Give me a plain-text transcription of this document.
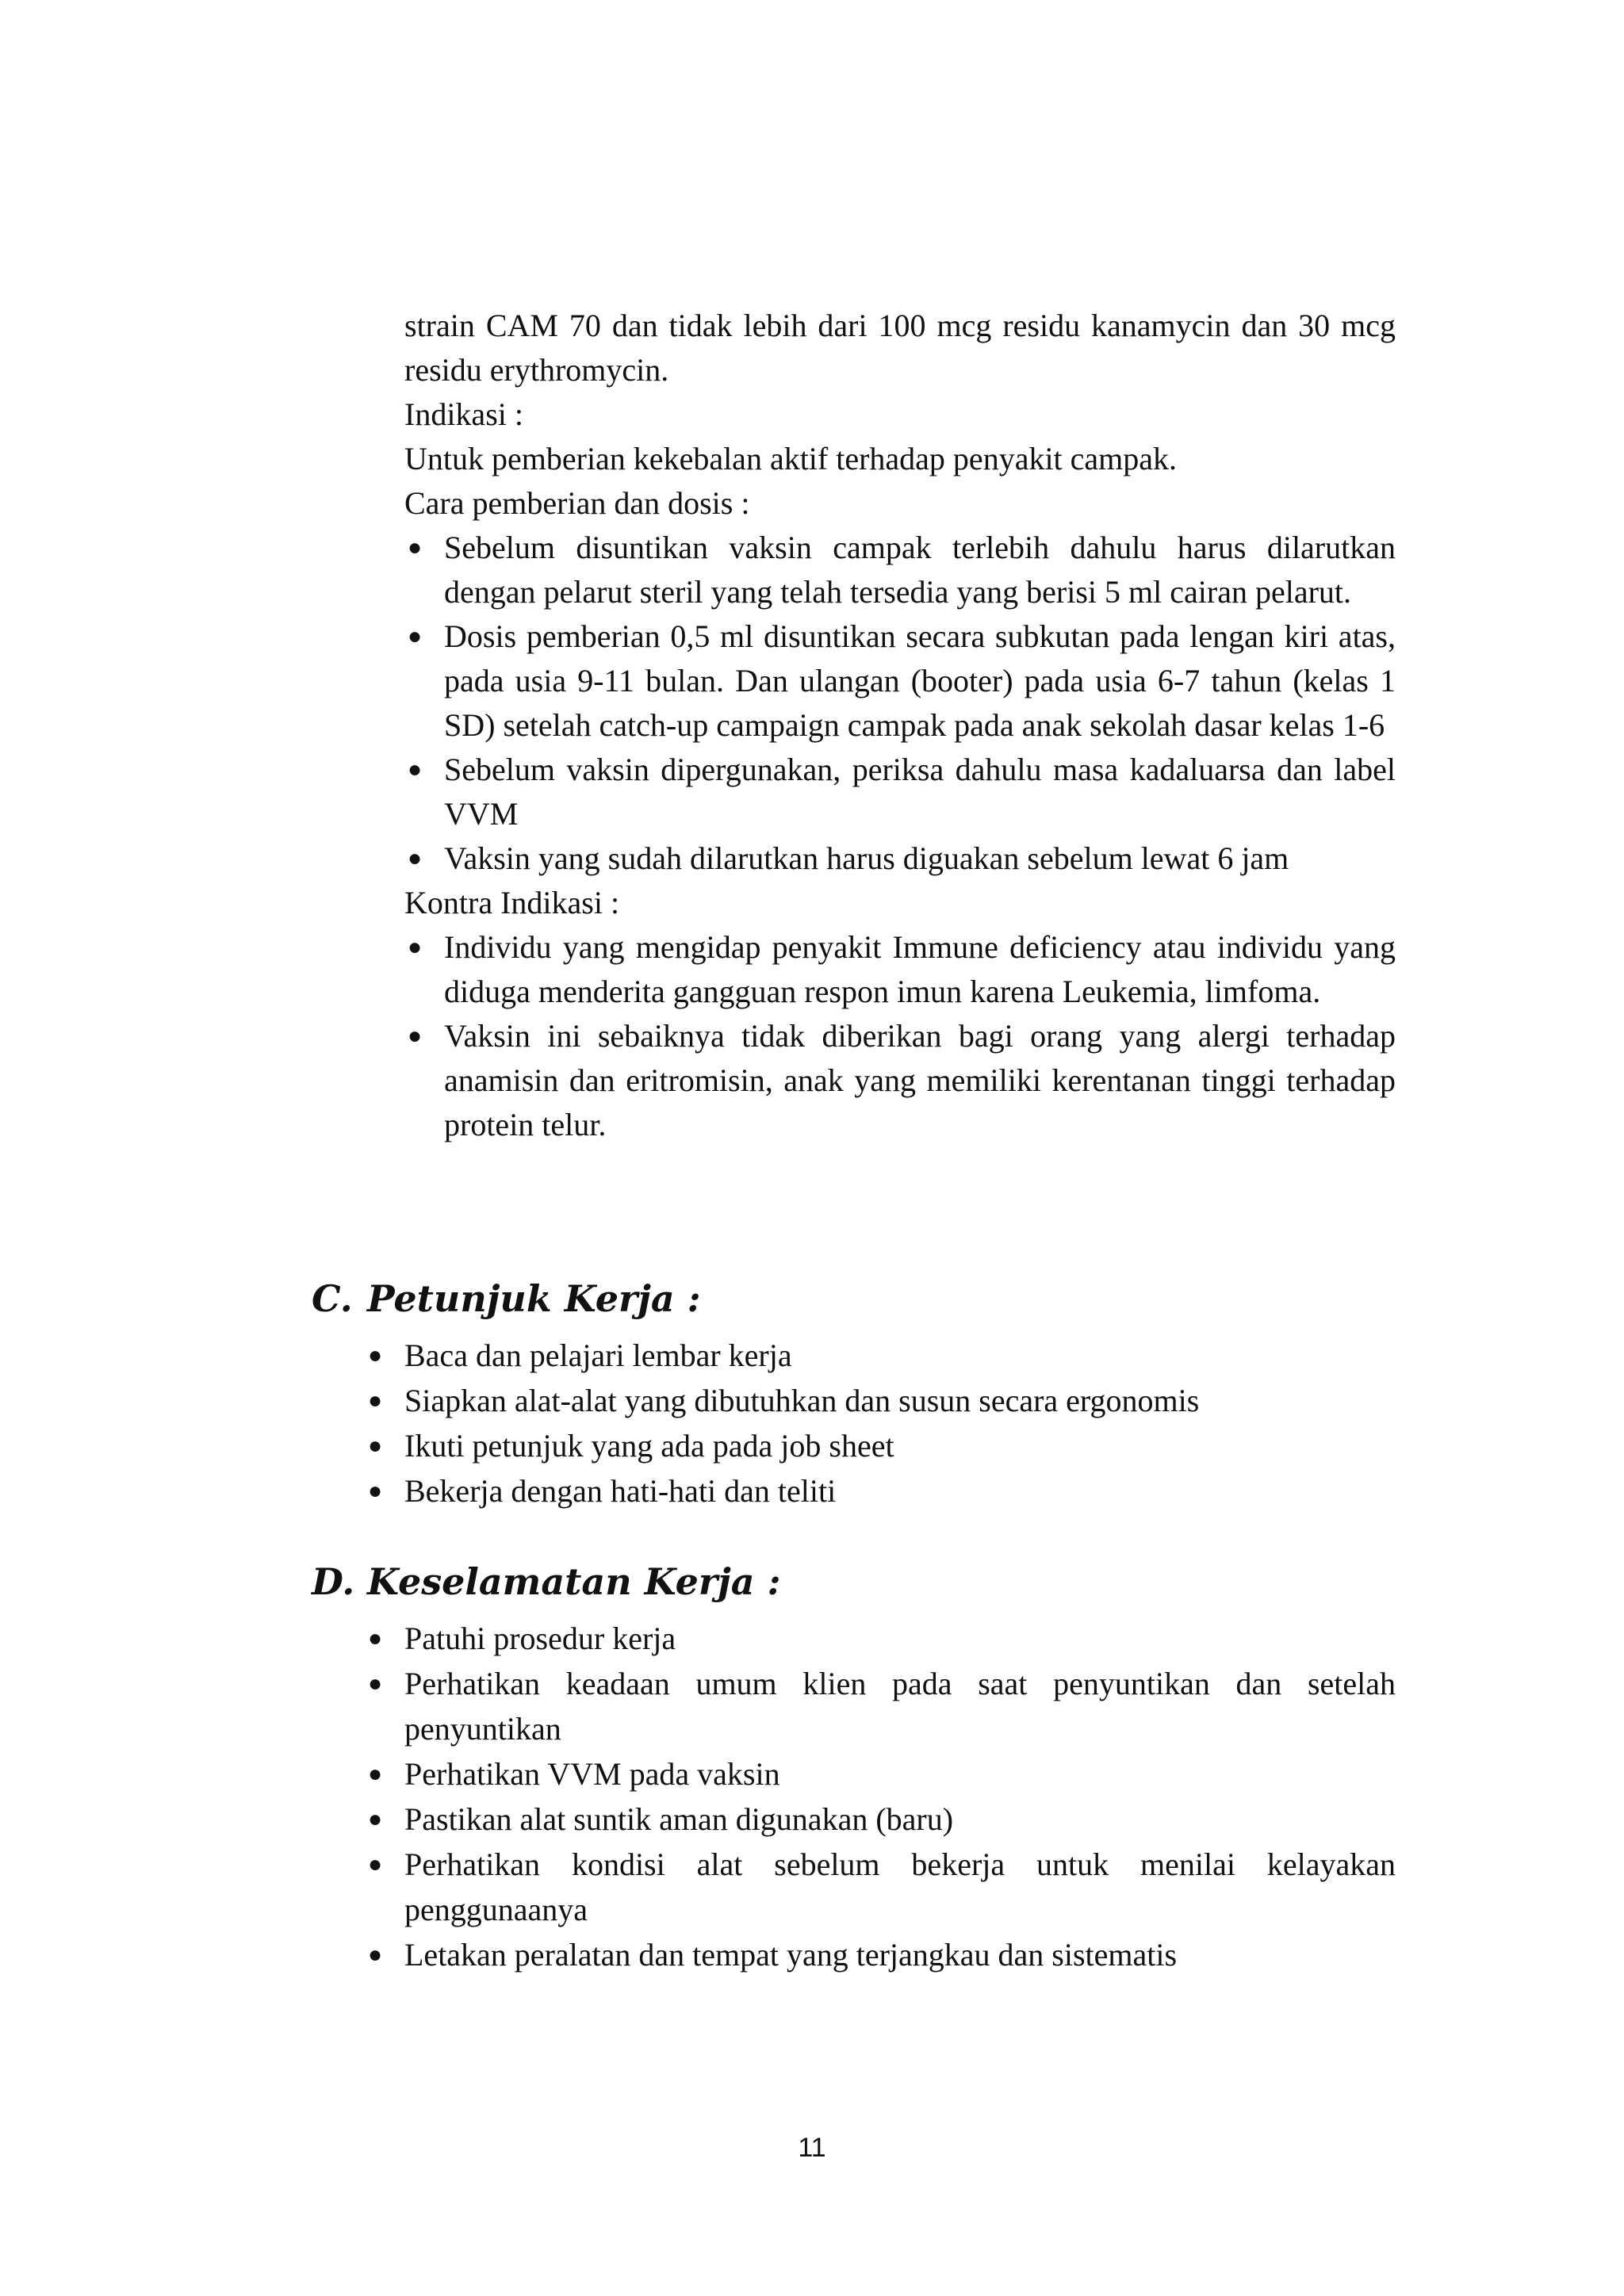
strain CAM 70 dan tidak lebih dari 100 mcg residu kanamycin dan 30 mcg residu erythromycin.

Indikasi :

Untuk pemberian kekebalan aktif terhadap penyakit campak.

Cara pemberian dan dosis :

● Sebelum disuntikan vaksin campak terlebih dahulu harus dilarutkan dengan pelarut steril yang telah tersedia yang berisi 5 ml cairan pelarut.
● Dosis pemberian 0,5 ml disuntikan secara subkutan pada lengan kiri atas, pada usia 9-11 bulan. Dan ulangan (booter) pada usia 6-7 tahun (kelas 1 SD) setelah catch-up campaign campak pada anak sekolah dasar kelas 1-6
● Sebelum vaksin dipergunakan, periksa dahulu masa kadaluarsa dan label VVM
● Vaksin yang sudah dilarutkan harus diguakan sebelum lewat 6 jam

Kontra Indikasi :

● Individu yang mengidap penyakit Immune deficiency atau individu yang diduga menderita gangguan respon imun karena Leukemia, limfoma.
● Vaksin ini sebaiknya tidak diberikan bagi orang yang alergi terhadap anamisin dan eritromisin, anak yang memiliki kerentanan tinggi terhadap protein telur.
C. Petunjuk Kerja :
● Baca dan pelajari lembar kerja
● Siapkan alat-alat yang dibutuhkan dan susun secara ergonomis
● Ikuti petunjuk yang ada pada job sheet
● Bekerja dengan hati-hati dan teliti
D. Keselamatan Kerja :
● Patuhi prosedur kerja
● Perhatikan keadaan umum klien pada saat penyuntikan dan setelah penyuntikan
● Perhatikan VVM pada vaksin
● Pastikan alat suntik aman digunakan (baru)
● Perhatikan kondisi alat sebelum bekerja untuk menilai kelayakan penggunaanya
● Letakan peralatan dan tempat yang terjangkau dan sistematis
11
